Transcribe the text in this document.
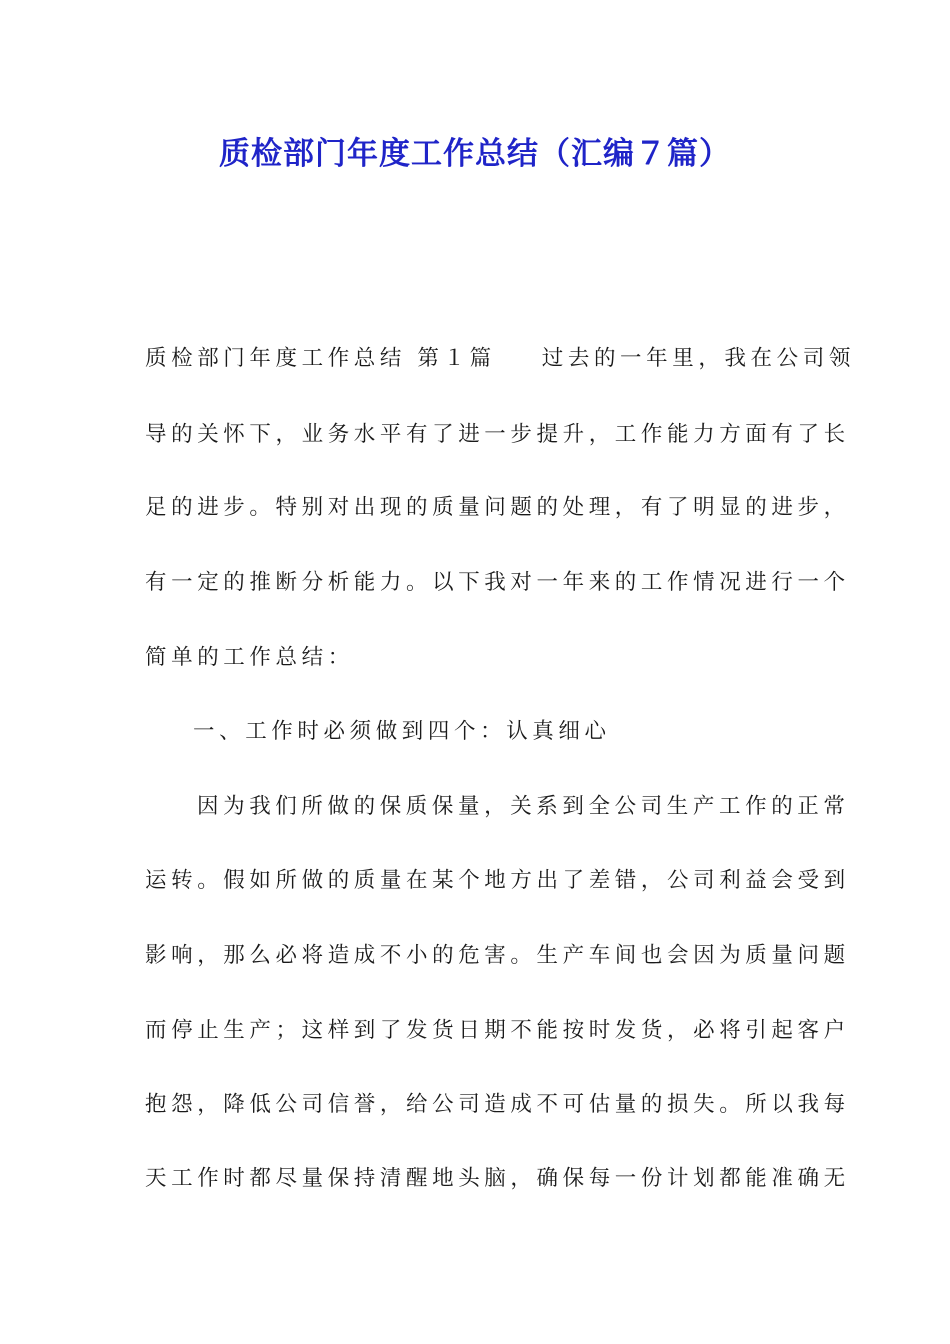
质检部门年度工作总结（汇编７篇）
质检部门年度工作总结 第１篇 过去的一年里，我在公司领
导的关怀下，业务水平有了进一步提升，工作能力方面有了长
足的进步。特别对出现的质量问题的处理，有了明显的进步，
有一定的推断分析能力。以下我对一年来的工作情况进行一个
简单的工作总结：
一、工作时必须做到四个：认真细心
因为我们所做的保质保量，关系到全公司生产工作的正常
运转。假如所做的质量在某个地方出了差错，公司利益会受到
影响，那么必将造成不小的危害。生产车间也会因为质量问题
而停止生产；这样到了发货日期不能按时发货，必将引起客户
抱怨，降低公司信誉，给公司造成不可估量的损失。所以我每
天工作时都尽量保持清醒地头脑，确保每一份计划都能准确无
